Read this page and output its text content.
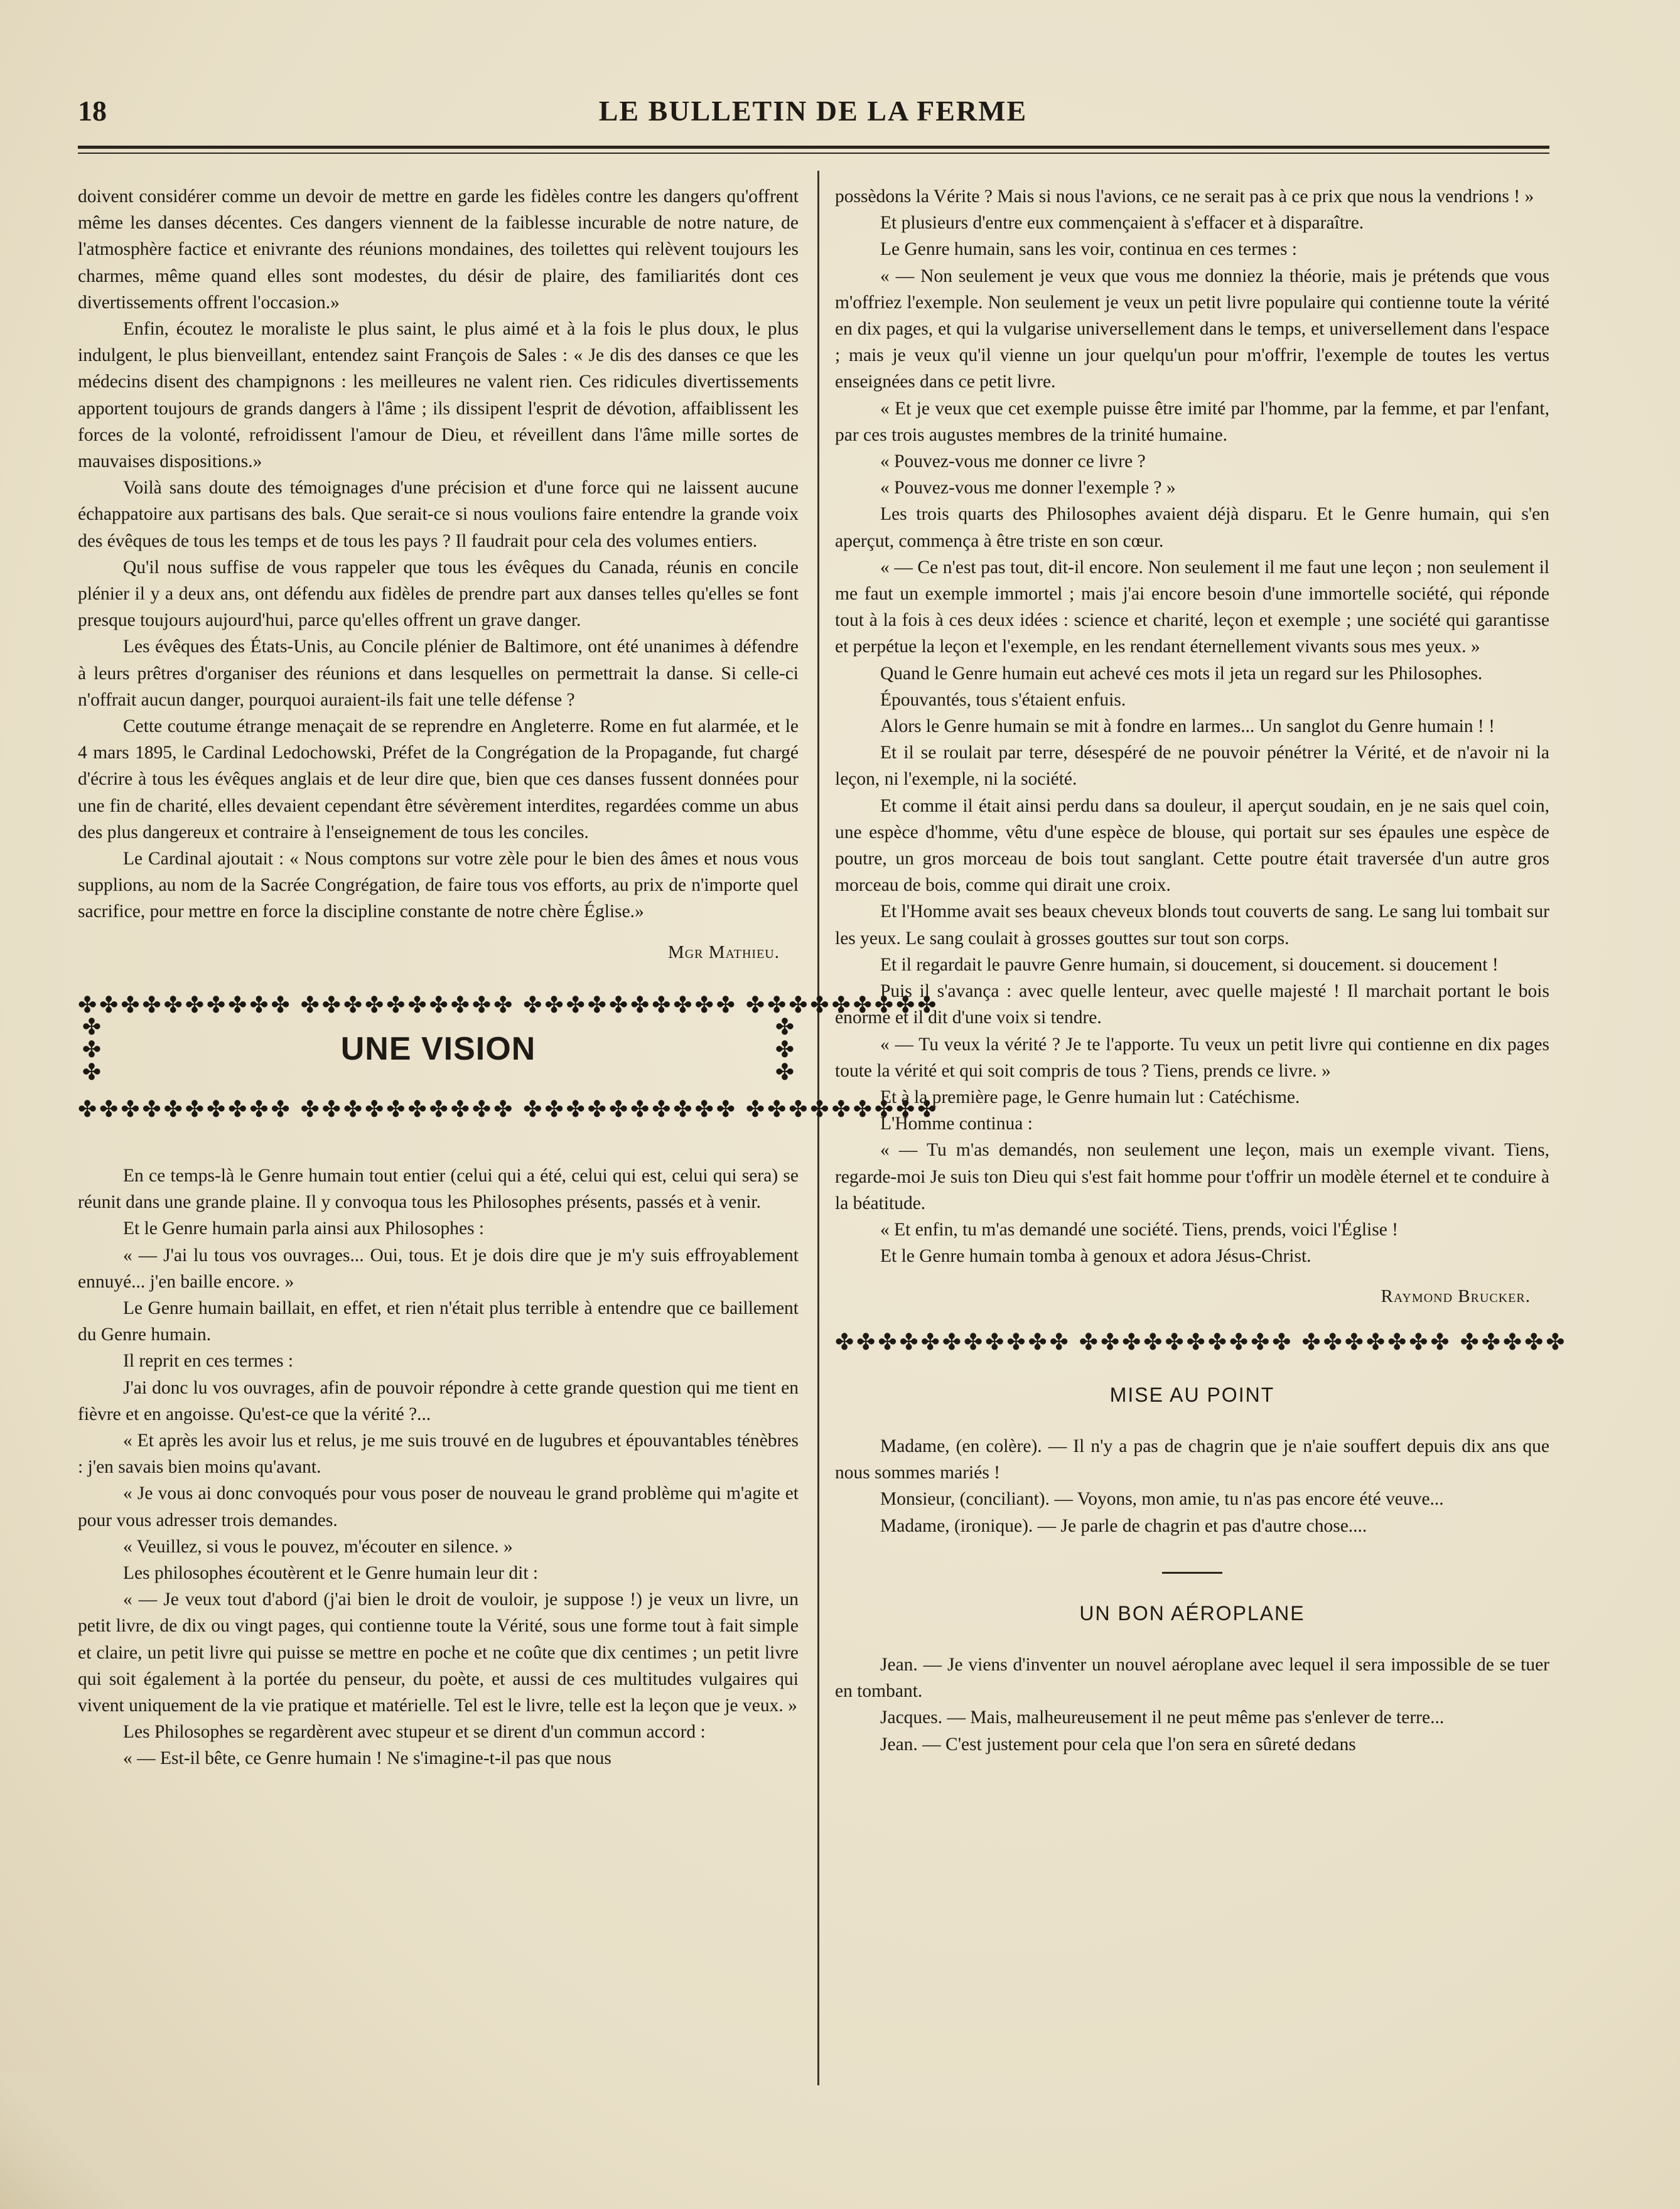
18	LE BULLETIN DE LA FERME

doivent considérer comme un devoir de mettre en garde les fidèles contre les dangers qu'offrent même les danses décentes. Ces dangers viennent de la faiblesse incurable de notre nature, de l'atmosphère factice et enivrante des réunions mondaines, des toilettes qui relèvent toujours les charmes, même quand elles sont modestes, du désir de plaire, des familiarités dont ces divertissements offrent l'occasion.»

Enfin, écoutez le moraliste le plus saint, le plus aimé et à la fois le plus doux, le plus indulgent, le plus bienveillant, entendez saint François de Sales : « Je dis des danses ce que les médecins disent des champignons : les meilleures ne valent rien. Ces ridicules divertissements apportent toujours de grands dangers à l'âme ; ils dissipent l'esprit de dévotion, affaiblissent les forces de la volonté, refroidissent l'amour de Dieu, et réveillent dans l'âme mille sortes de mauvaises dispositions.»

Voilà sans doute des témoignages d'une précision et d'une force qui ne laissent aucune échappatoire aux partisans des bals. Que serait-ce si nous voulions faire entendre la grande voix des évêques de tous les temps et de tous les pays ? Il faudrait pour cela des volumes entiers.

Qu'il nous suffise de vous rappeler que tous les évêques du Canada, réunis en concile plénier il y a deux ans, ont défendu aux fidèles de prendre part aux danses telles qu'elles se font presque toujours aujourd'hui, parce qu'elles offrent un grave danger.

Les évêques des États-Unis, au Concile plénier de Baltimore, ont été unanimes à défendre à leurs prêtres d'organiser des réunions et dans lesquelles on permettrait la danse. Si celle-ci n'offrait aucun danger, pourquoi auraient-ils fait une telle défense ?

Cette coutume étrange menaçait de se reprendre en Angleterre. Rome en fut alarmée, et le 4 mars 1895, le Cardinal Ledochowski, Préfet de la Congrégation de la Propagande, fut chargé d'écrire à tous les évêques anglais et de leur dire que, bien que ces danses fussent données pour une fin de charité, elles devaient cependant être sévèrement interdites, regardées comme un abus des plus dangereux et contraire à l'enseignement de tous les conciles.

Le Cardinal ajoutait : « Nous comptons sur votre zèle pour le bien des âmes et nous vous supplions, au nom de la Sacrée Congrégation, de faire tous vos efforts, au prix de n'importe quel sacrifice, pour mettre en force la discipline constante de notre chère Église.»

Mgr Mathieu.

✤✤✤✤✤✤✤✤✤✤ ✤✤✤✤✤✤✤✤✤✤ ✤✤✤✤✤✤✤✤✤✤ ✤✤✤✤✤✤✤✤✤
✤
✤
✤
✤
✤
✤
UNE VISION
✤✤✤✤✤✤✤✤✤✤ ✤✤✤✤✤✤✤✤✤✤ ✤✤✤✤✤✤✤✤✤✤ ✤✤✤✤✤✤✤✤✤

En ce temps-là le Genre humain tout entier (celui qui a été, celui qui est, celui qui sera) se réunit dans une grande plaine. Il y convoqua tous les Philosophes présents, passés et à venir.

Et le Genre humain parla ainsi aux Philosophes :

« — J'ai lu tous vos ouvrages... Oui, tous. Et je dois dire que je m'y suis effroyablement ennuyé... j'en baille encore. »

Le Genre humain baillait, en effet, et rien n'était plus terrible à entendre que ce baillement du Genre humain.

Il reprit en ces termes :

J'ai donc lu vos ouvrages, afin de pouvoir répondre à cette grande question qui me tient en fièvre et en angoisse. Qu'est-ce que la vérité ?...

« Et après les avoir lus et relus, je me suis trouvé en de lugubres et épouvantables ténèbres : j'en savais bien moins qu'avant.

« Je vous ai donc convoqués pour vous poser de nouveau le grand problème qui m'agite et pour vous adresser trois demandes.

« Veuillez, si vous le pouvez, m'écouter en silence. »

Les philosophes écoutèrent et le Genre humain leur dit :

« — Je veux tout d'abord (j'ai bien le droit de vouloir, je suppose !) je veux un livre, un petit livre, de dix ou vingt pages, qui contienne toute la Vérité, sous une forme tout à fait simple et claire, un petit livre qui puisse se mettre en poche et ne coûte que dix centimes ; un petit livre qui soit également à la portée du penseur, du poète, et aussi de ces multitudes vulgaires qui vivent uniquement de la vie pratique et matérielle. Tel est le livre, telle est la leçon que je veux. »

Les Philosophes se regardèrent avec stupeur et se dirent d'un commun accord :

« — Est-il bête, ce Genre humain ! Ne s'imagine-t-il pas que nous

possèdons la Vérite ? Mais si nous l'avions, ce ne serait pas à ce prix que nous la vendrions ! »

Et plusieurs d'entre eux commençaient à s'effacer et à disparaître.

Le Genre humain, sans les voir, continua en ces termes :

« — Non seulement je veux que vous me donniez la théorie, mais je prétends que vous m'offriez l'exemple. Non seulement je veux un petit livre populaire qui contienne toute la vérité en dix pages, et qui la vulgarise universellement dans le temps, et universellement dans l'espace ; mais je veux qu'il vienne un jour quelqu'un pour m'offrir, l'exemple de toutes les vertus enseignées dans ce petit livre.

« Et je veux que cet exemple puisse être imité par l'homme, par la femme, et par l'enfant, par ces trois augustes membres de la trinité humaine.

« Pouvez-vous me donner ce livre ?

« Pouvez-vous me donner l'exemple ? »

Les trois quarts des Philosophes avaient déjà disparu. Et le Genre humain, qui s'en aperçut, commença à être triste en son cœur.

« — Ce n'est pas tout, dit-il encore. Non seulement il me faut une leçon ; non seulement il me faut un exemple immortel ; mais j'ai encore besoin d'une immortelle société, qui réponde tout à la fois à ces deux idées : science et charité, leçon et exemple ; une société qui garantisse et perpétue la leçon et l'exemple, en les rendant éternellement vivants sous mes yeux. »

Quand le Genre humain eut achevé ces mots il jeta un regard sur les Philosophes.

Épouvantés, tous s'étaient enfuis.

Alors le Genre humain se mit à fondre en larmes... Un sanglot du Genre humain ! !

Et il se roulait par terre, désespéré de ne pouvoir pénétrer la Vérité, et de n'avoir ni la leçon, ni l'exemple, ni la société.

Et comme il était ainsi perdu dans sa douleur, il aperçut soudain, en je ne sais quel coin, une espèce d'homme, vêtu d'une espèce de blouse, qui portait sur ses épaules une espèce de poutre, un gros morceau de bois tout sanglant. Cette poutre était traversée d'un autre gros morceau de bois, comme qui dirait une croix.

Et l'Homme avait ses beaux cheveux blonds tout couverts de sang. Le sang lui tombait sur les yeux. Le sang coulait à grosses gouttes sur tout son corps.

Et il regardait le pauvre Genre humain, si doucement, si doucement. si doucement !

Puis il s'avança : avec quelle lenteur, avec quelle majesté ! Il marchait portant le bois énorme et il dit d'une voix si tendre.

« — Tu veux la vérité ? Je te l'apporte. Tu veux un petit livre qui contienne en dix pages toute la vérité et qui soit compris de tous ? Tiens, prends ce livre. »

Et à la première page, le Genre humain lut : Catéchisme.

L'Homme continua :

« — Tu m'as demandés, non seulement une leçon, mais un exemple vivant. Tiens, regarde-moi Je suis ton Dieu qui s'est fait homme pour t'offrir un modèle éternel et te conduire à la béatitude.

« Et enfin, tu m'as demandé une société. Tiens, prends, voici l'Église !

Et le Genre humain tomba à genoux et adora Jésus-Christ.

Raymond Brucker.

✤✤✤✤✤✤✤✤✤✤✤ ✤✤✤✤✤✤✤✤✤✤ ✤✤✤✤✤✤✤ ✤✤✤✤✤

MISE AU POINT

Madame, (en colère). — Il n'y a pas de chagrin que je n'aie souffert depuis dix ans que nous sommes mariés !

Monsieur, (conciliant). — Voyons, mon amie, tu n'as pas encore été veuve...

Madame, (ironique). — Je parle de chagrin et pas d'autre chose....

UN BON AÉROPLANE

Jean. — Je viens d'inventer un nouvel aéroplane avec lequel il sera impossible de se tuer en tombant.

Jacques. — Mais, malheureusement il ne peut même pas s'enlever de terre...

Jean. — C'est justement pour cela que l'on sera en sûreté dedans
